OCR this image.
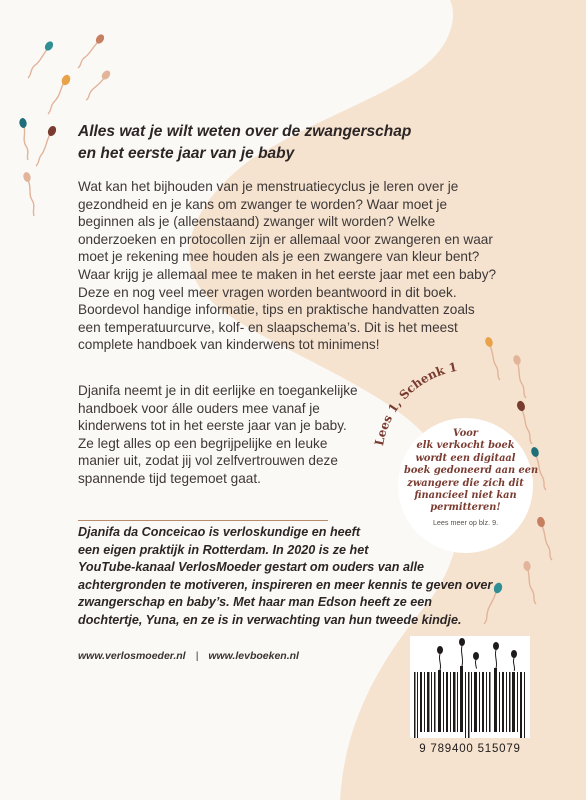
Alles wat je wilt weten over de zwangerschap
en het eerste jaar van je baby

Wat kan het bijhouden van je menstruatiecyclus je leren over je
gezondheid en je kans om zwanger te worden? Waar moet je
beginnen als je (alleenstaand) zwanger wilt worden? Welke
onderzoeken en protocollen zijn er allemaal voor zwangeren en waar
moet je rekening mee houden als je een zwangere van kleur bent?
Waar krijg je allemaal mee te maken in het eerste jaar met een baby?
Deze en nog veel meer vragen worden beantwoord in dit boek.
Boordevol handige informatie, tips en praktische handvatten zoals
een temperatuurcurve, kolf- en slaapschema’s. Dit is het meest
complete handboek van kinderwens tot minimens!

Djanifa neemt je in dit eerlijke en toegankelijke
handboek voor álle ouders mee vanaf je
kinderwens tot in het eerste jaar van je baby.
Ze legt alles op een begrijpelijke en leuke
manier uit, zodat jij vol zelfvertrouwen deze
spannende tijd tegemoet gaat.

Djanifa da Conceicao is verloskundige en heeft
een eigen praktijk in Rotterdam. In 2020 is ze het
YouTube-kanaal VerlosMoeder gestart om ouders van alle
achtergronden te motiveren, inspireren en meer kennis te geven over
zwangerschap en baby’s. Met haar man Edson heeft ze een
dochtertje, Yuna, en ze is in verwachting van hun tweede kindje.

www.verlosmoeder.nl | www.levboeken.nl
Lees 1, Schenk 1

Voor
elk verkocht boek
wordt een digitaal
boek gedoneerd aan een
zwangere die zich dit
financieel niet kan
permitteren!

Lees meer op blz. 9.
9 789400 515079
